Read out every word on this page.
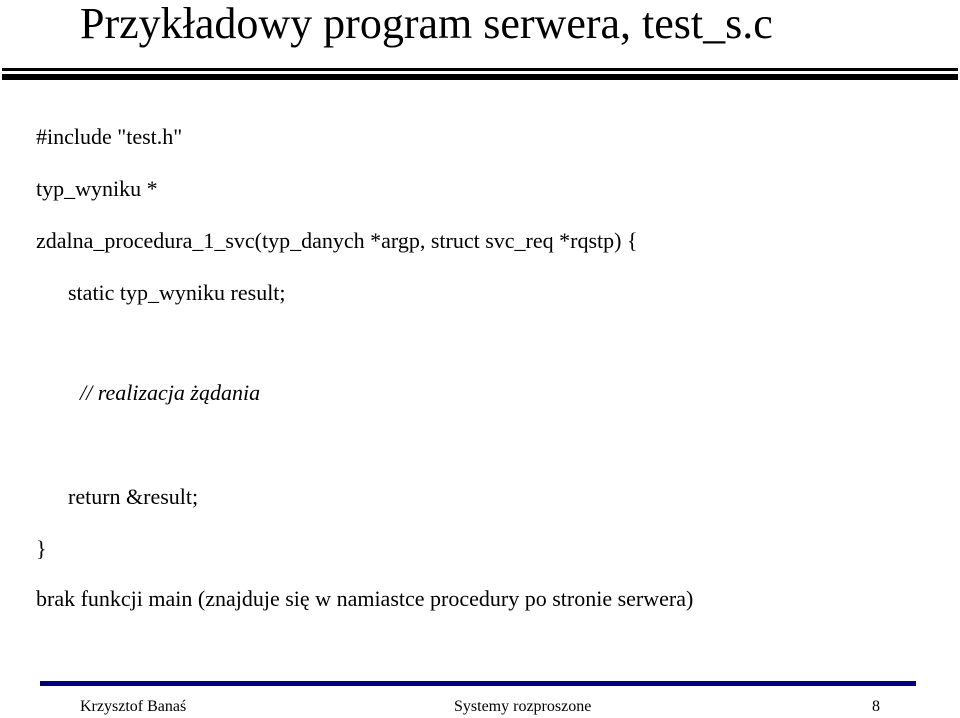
Przykładowy program serwera, test_s.c
#include "test.h"
typ_wyniku *
zdalna_procedura_1_svc(typ_danych *argp, struct svc_req *rqstp) {
static typ_wyniku result;
// realizacja żądania
return &result;
}
brak funkcji main (znajduje się w namiastce procedury po stronie serwera)
Krzysztof Banaś	Systemy rozproszone	8
